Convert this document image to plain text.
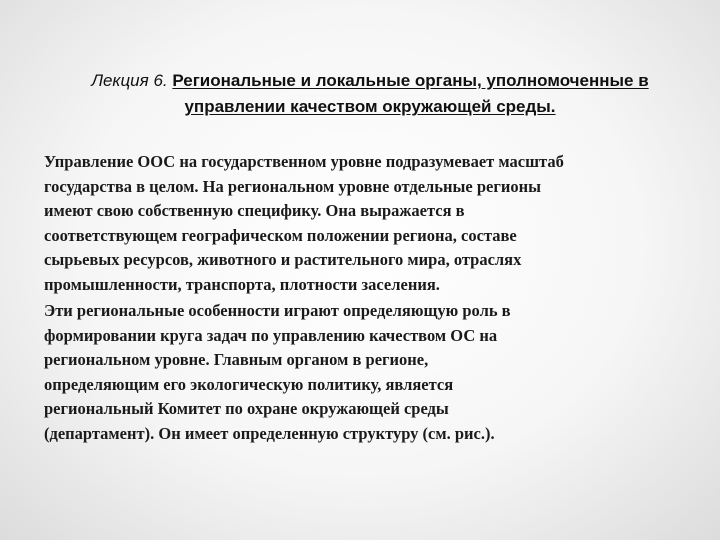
Лекция 6. Региональные и локальные органы, уполномоченные в
управлении качеством окружающей среды.
Управление ООС на государственном уровне подразумевает масштаб
государства в целом. На региональном уровне отдельные регионы
имеют свою собственную специфику. Она выражается в
соответствующем географическом положении региона, составе
сырьевых ресурсов, животного и растительного мира, отраслях
промышленности, транспорта, плотности заселения.
Эти региональные особенности играют определяющую роль в
формировании круга задач по управлению качеством ОС на
региональном уровне. Главным органом в регионе,
определяющим его экологическую политику, является
региональный Комитет по охране окружающей среды
(департамент). Он имеет определенную структуру (см. рис.).
